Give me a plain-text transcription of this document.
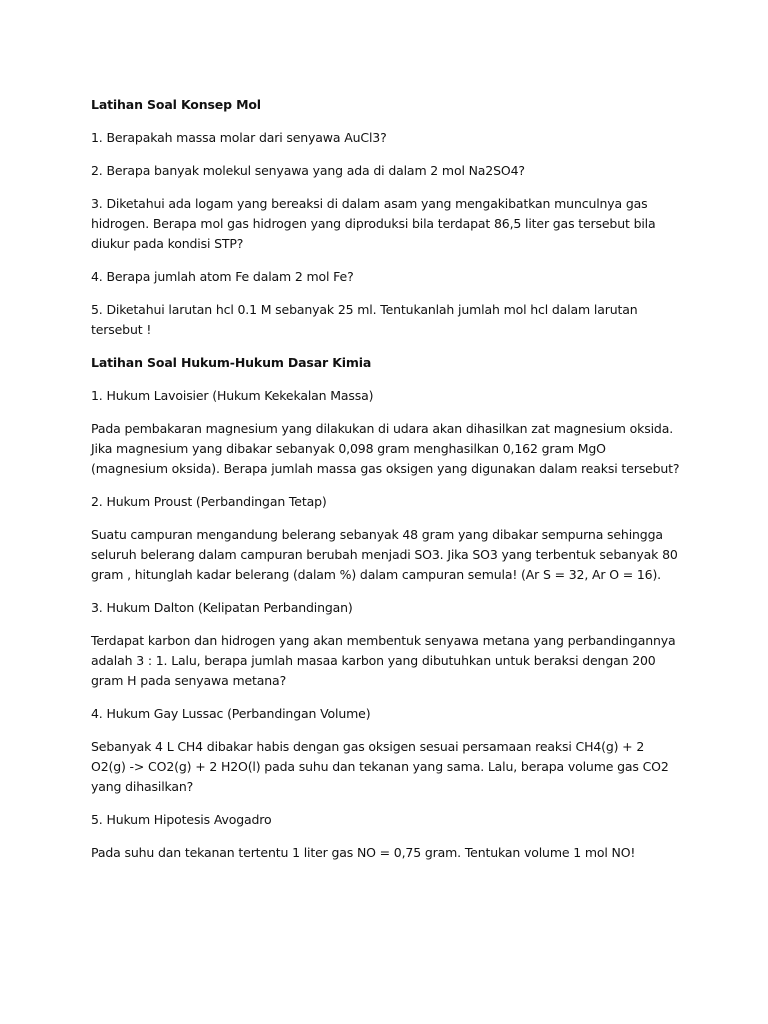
Latihan Soal Konsep Mol
1. Berapakah massa molar dari senyawa AuCl3?
2. Berapa banyak molekul senyawa yang ada di dalam 2 mol Na2SO4?
3. Diketahui ada logam yang bereaksi di dalam asam yang mengakibatkan munculnya gas hidrogen. Berapa mol gas hidrogen yang diproduksi bila terdapat 86,5 liter gas tersebut bila diukur pada kondisi STP?
4. Berapa jumlah atom Fe dalam 2 mol Fe?
5. Diketahui larutan hcl 0.1 M sebanyak 25 ml. Tentukanlah jumlah mol hcl dalam larutan tersebut !
Latihan Soal Hukum-Hukum Dasar Kimia
1. Hukum Lavoisier (Hukum Kekekalan Massa)
Pada pembakaran magnesium yang dilakukan di udara akan dihasilkan zat magnesium oksida. Jika magnesium yang dibakar sebanyak 0,098 gram menghasilkan 0,162 gram MgO (magnesium oksida). Berapa jumlah massa gas oksigen yang digunakan dalam reaksi tersebut?
2. Hukum Proust (Perbandingan Tetap)
Suatu campuran mengandung belerang sebanyak 48 gram yang dibakar sempurna sehingga seluruh belerang dalam campuran berubah menjadi SO3. Jika SO3 yang terbentuk sebanyak 80 gram , hitunglah kadar belerang (dalam %) dalam campuran semula! (Ar S = 32, Ar O = 16).
3. Hukum Dalton (Kelipatan Perbandingan)
Terdapat karbon dan hidrogen yang akan membentuk senyawa metana yang perbandingannya adalah 3 : 1. Lalu, berapa jumlah masaa karbon yang dibutuhkan untuk beraksi dengan 200 gram H pada senyawa metana?
4. Hukum Gay Lussac (Perbandingan Volume)
Sebanyak 4 L CH4 dibakar habis dengan gas oksigen sesuai persamaan reaksi CH4(g) + 2 O2(g) -> CO2(g) + 2 H2O(l) pada suhu dan tekanan yang sama. Lalu, berapa volume gas CO2 yang dihasilkan?
5. Hukum Hipotesis Avogadro
Pada suhu dan tekanan tertentu 1 liter gas NO = 0,75 gram. Tentukan volume 1 mol NO!
